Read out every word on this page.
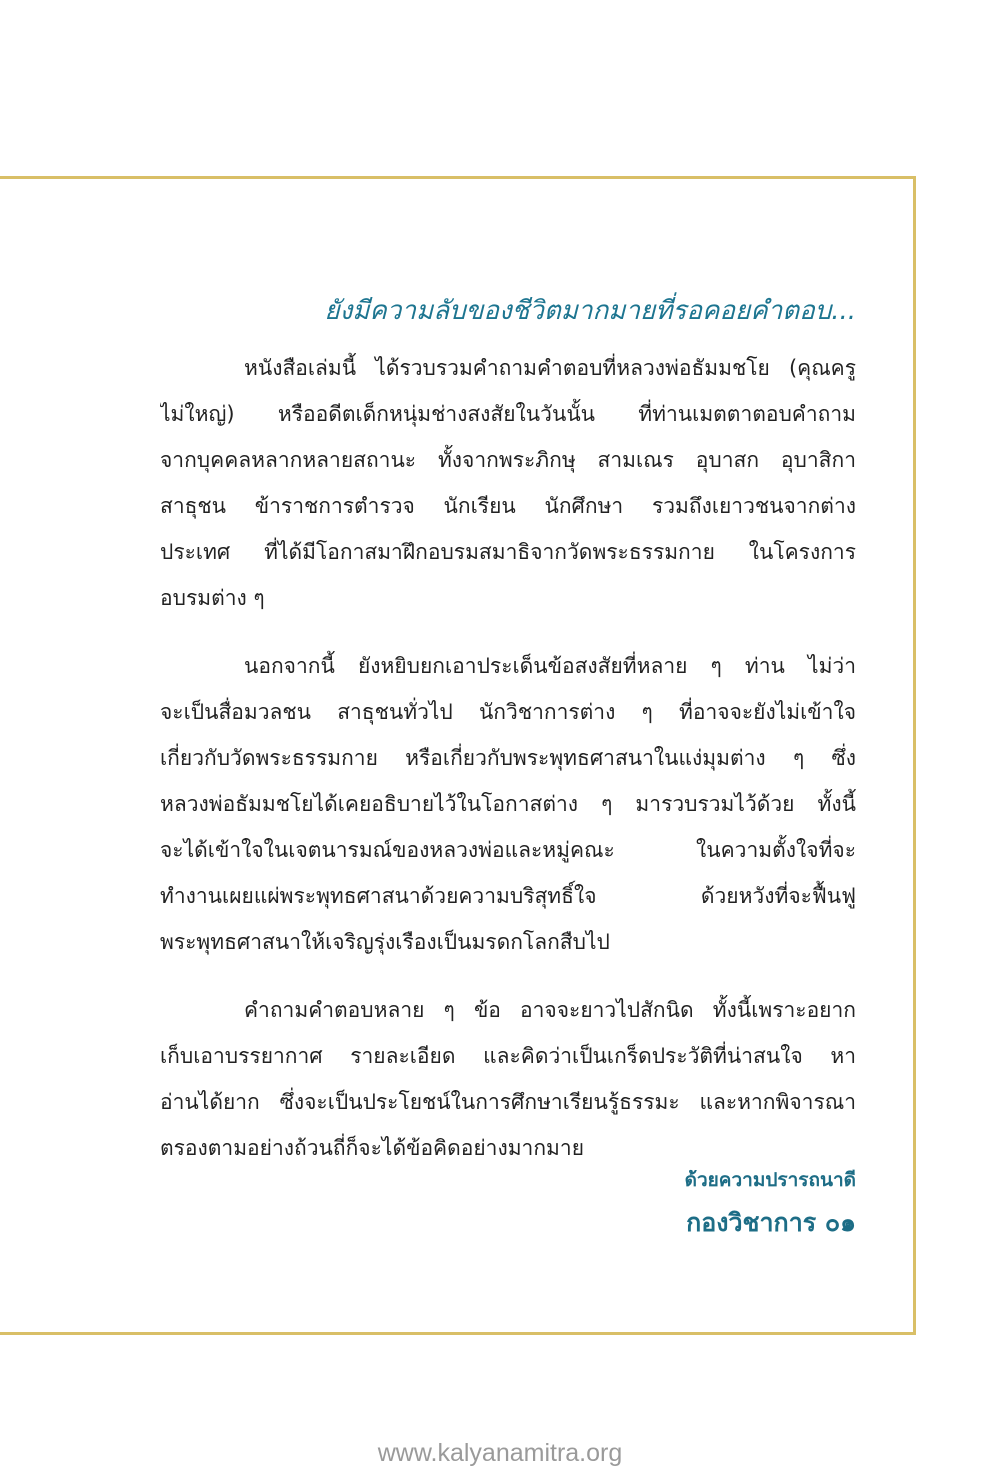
ยังมีความลับของชีวิตมากมายที่รอคอยคำตอบ...

หนังสือเล่มนี้ ได้รวบรวมคำถามคำตอบที่หลวงพ่อธัมมชโย (คุณครู
ไม่ใหญ่) หรืออดีตเด็กหนุ่มช่างสงสัยในวันนั้น ที่ท่านเมตตาตอบคำถาม
จากบุคคลหลากหลายสถานะ ทั้งจากพระภิกษุ สามเณร อุบาสก อุบาสิกา
สาธุชน ข้าราชการตำรวจ นักเรียน นักศึกษา รวมถึงเยาวชนจากต่าง
ประเทศ ที่ได้มีโอกาสมาฝึกอบรมสมาธิจากวัดพระธรรมกาย ในโครงการ
อบรมต่าง ๆ
นอกจากนี้ ยังหยิบยกเอาประเด็นข้อสงสัยที่หลาย ๆ ท่าน ไม่ว่า
จะเป็นสื่อมวลชน สาธุชนทั่วไป นักวิชาการต่าง ๆ ที่อาจจะยังไม่เข้าใจ
เกี่ยวกับวัดพระธรรมกาย หรือเกี่ยวกับพระพุทธศาสนาในแง่มุมต่าง ๆ ซึ่ง
หลวงพ่อธัมมชโยได้เคยอธิบายไว้ในโอกาสต่าง ๆ มารวบรวมไว้ด้วย ทั้งนี้
จะได้เข้าใจในเจตนารมณ์ของหลวงพ่อและหมู่คณะ ในความตั้งใจที่จะ
ทำงานเผยแผ่พระพุทธศาสนาด้วยความบริสุทธิ์ใจ ด้วยหวังที่จะฟื้นฟู
พระพุทธศาสนาให้เจริญรุ่งเรืองเป็นมรดกโลกสืบไป
คำถามคำตอบหลาย ๆ ข้อ อาจจะยาวไปสักนิด ทั้งนี้เพราะอยาก
เก็บเอาบรรยากาศ รายละเอียด และคิดว่าเป็นเกร็ดประวัติที่น่าสนใจ หา
อ่านได้ยาก ซึ่งจะเป็นประโยชน์ในการศึกษาเรียนรู้ธรรมะ และหากพิจารณา
ตรองตามอย่างถ้วนถี่ก็จะได้ข้อคิดอย่างมากมาย

ด้วยความปรารถนาดี

กองวิชาการ ๐๑

www.kalyanamitra.org
